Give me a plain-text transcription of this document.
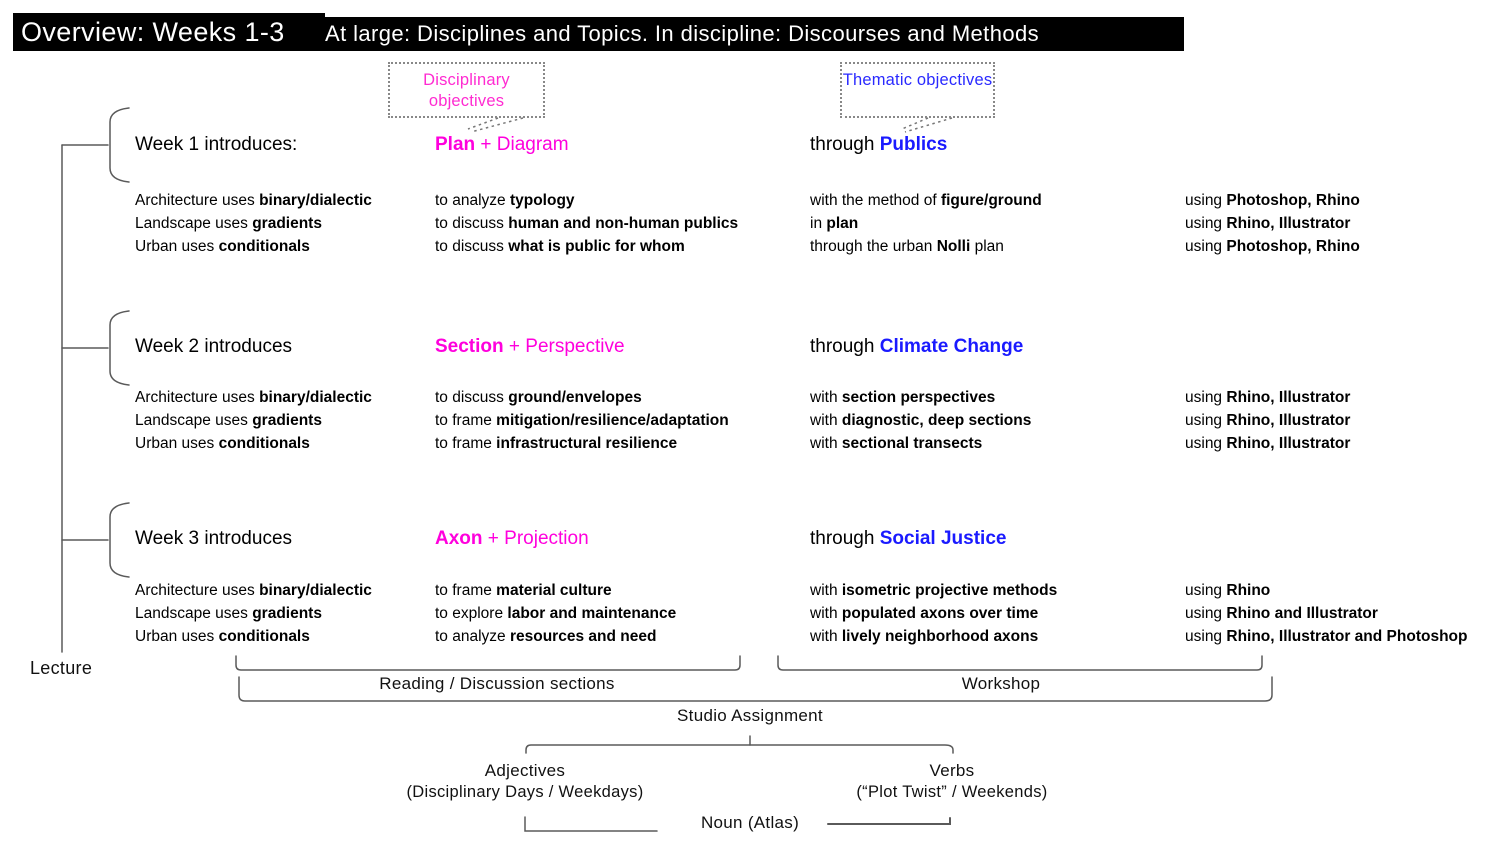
Overview: Weeks 1-3	At large: Disciplines and Topics. In discipline: Discourses and Methods
Disciplinary objectives
Thematic objectives
Week 1 introduces:	Plan + Diagram	through Publics
Architecture uses binary/dialectic	to analyze typology	with the method of figure/ground	using Photoshop, Rhino
Landscape uses gradients	to discuss human and non-human publics	in plan	using Rhino, Illustrator
Urban uses conditionals	to discuss what is public for whom	through the urban Nolli plan	using Photoshop, Rhino
Week 2 introduces	Section + Perspective	through Climate Change
Architecture uses binary/dialectic	to discuss ground/envelopes	with section perspectives	using Rhino, Illustrator
Landscape uses gradients	to frame mitigation/resilience/adaptation	with diagnostic, deep sections	using Rhino, Illustrator
Urban uses conditionals	to frame infrastructural resilience	with sectional transects	using Rhino, Illustrator
Week 3 introduces	Axon + Projection	through Social Justice
Architecture uses binary/dialectic	to frame material culture	with isometric projective methods	using Rhino
Landscape uses gradients	to explore labor and maintenance	with populated axons over time	using Rhino and Illustrator
Urban uses conditionals	to analyze resources and need	with lively neighborhood axons	using Rhino, Illustrator and Photoshop
Lecture
Reading / Discussion sections	Workshop
Studio Assignment
Adjectives
(Disciplinary Days / Weekdays)
Verbs
(“Plot Twist” / Weekends)
Noun (Atlas)
